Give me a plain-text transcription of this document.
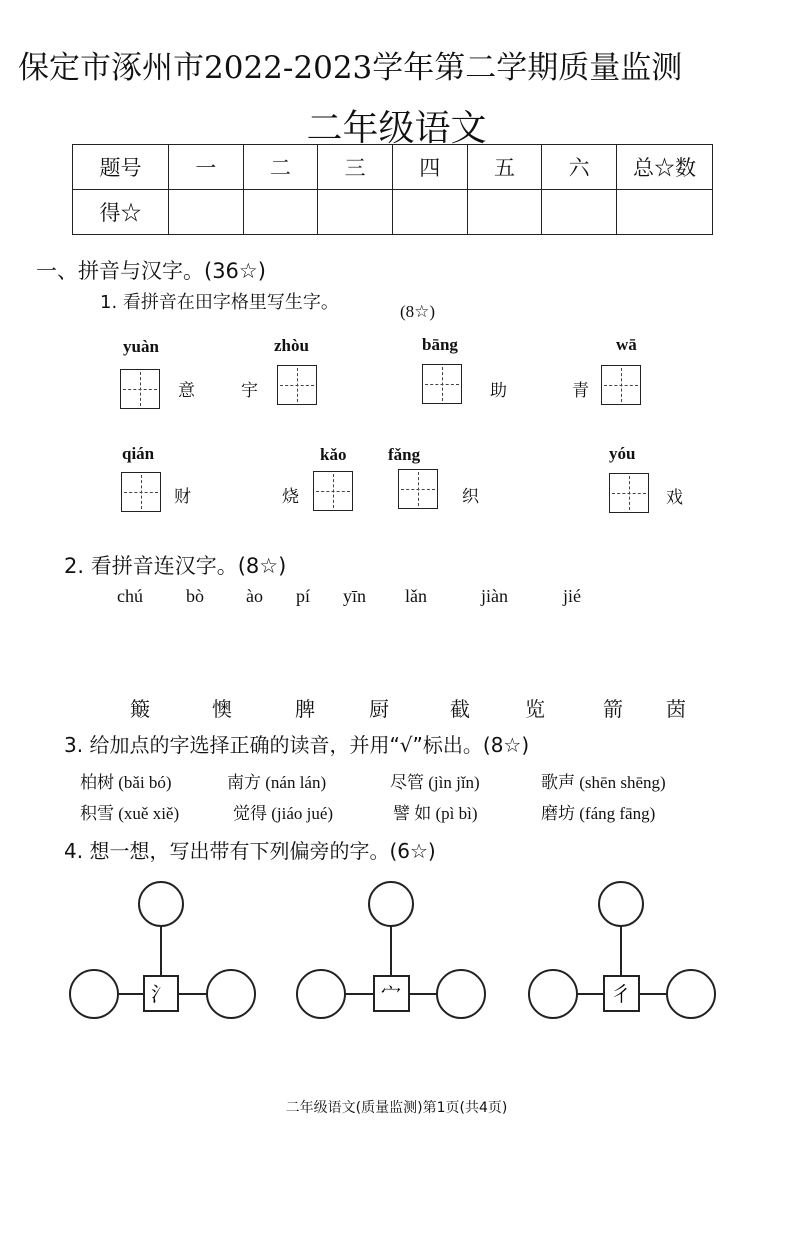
保定市涿州市2022-2023学年第二学期质量监测
二年级语文
题号	一	二	三	四	五	六	总☆数
得☆							
一、拼音与汉字。(36☆)
1. 看拼音在田字格里写生字。	(8☆)
yuàn
意
zhòu
宇
bāng
助
wā
青
qián
财
kǎo
烧
fǎng
织
yóu
戏
2. 看拼音连汉字。(8☆)
chú bò ào pí yīn lǎn	jiàn	jié
簸	懊	脾	厨	截	览	箭 茵
3. 给加点的字选择正确的读音，并用“√”标出。(8☆)
柏树 (bǎi bó)	南方 (nán lán)	尽管 (jìn jǐn)	歌声 (shēn shēng)
积雪 (xuě xiě)	觉得 (jiáo jué)	譬 如 (pì bì)	磨坊 (fáng fāng)
4. 想一想，写出带有下列偏旁的字。(6☆)
氵	宀	彳
二年级语文(质量监测)第1页(共4页)
